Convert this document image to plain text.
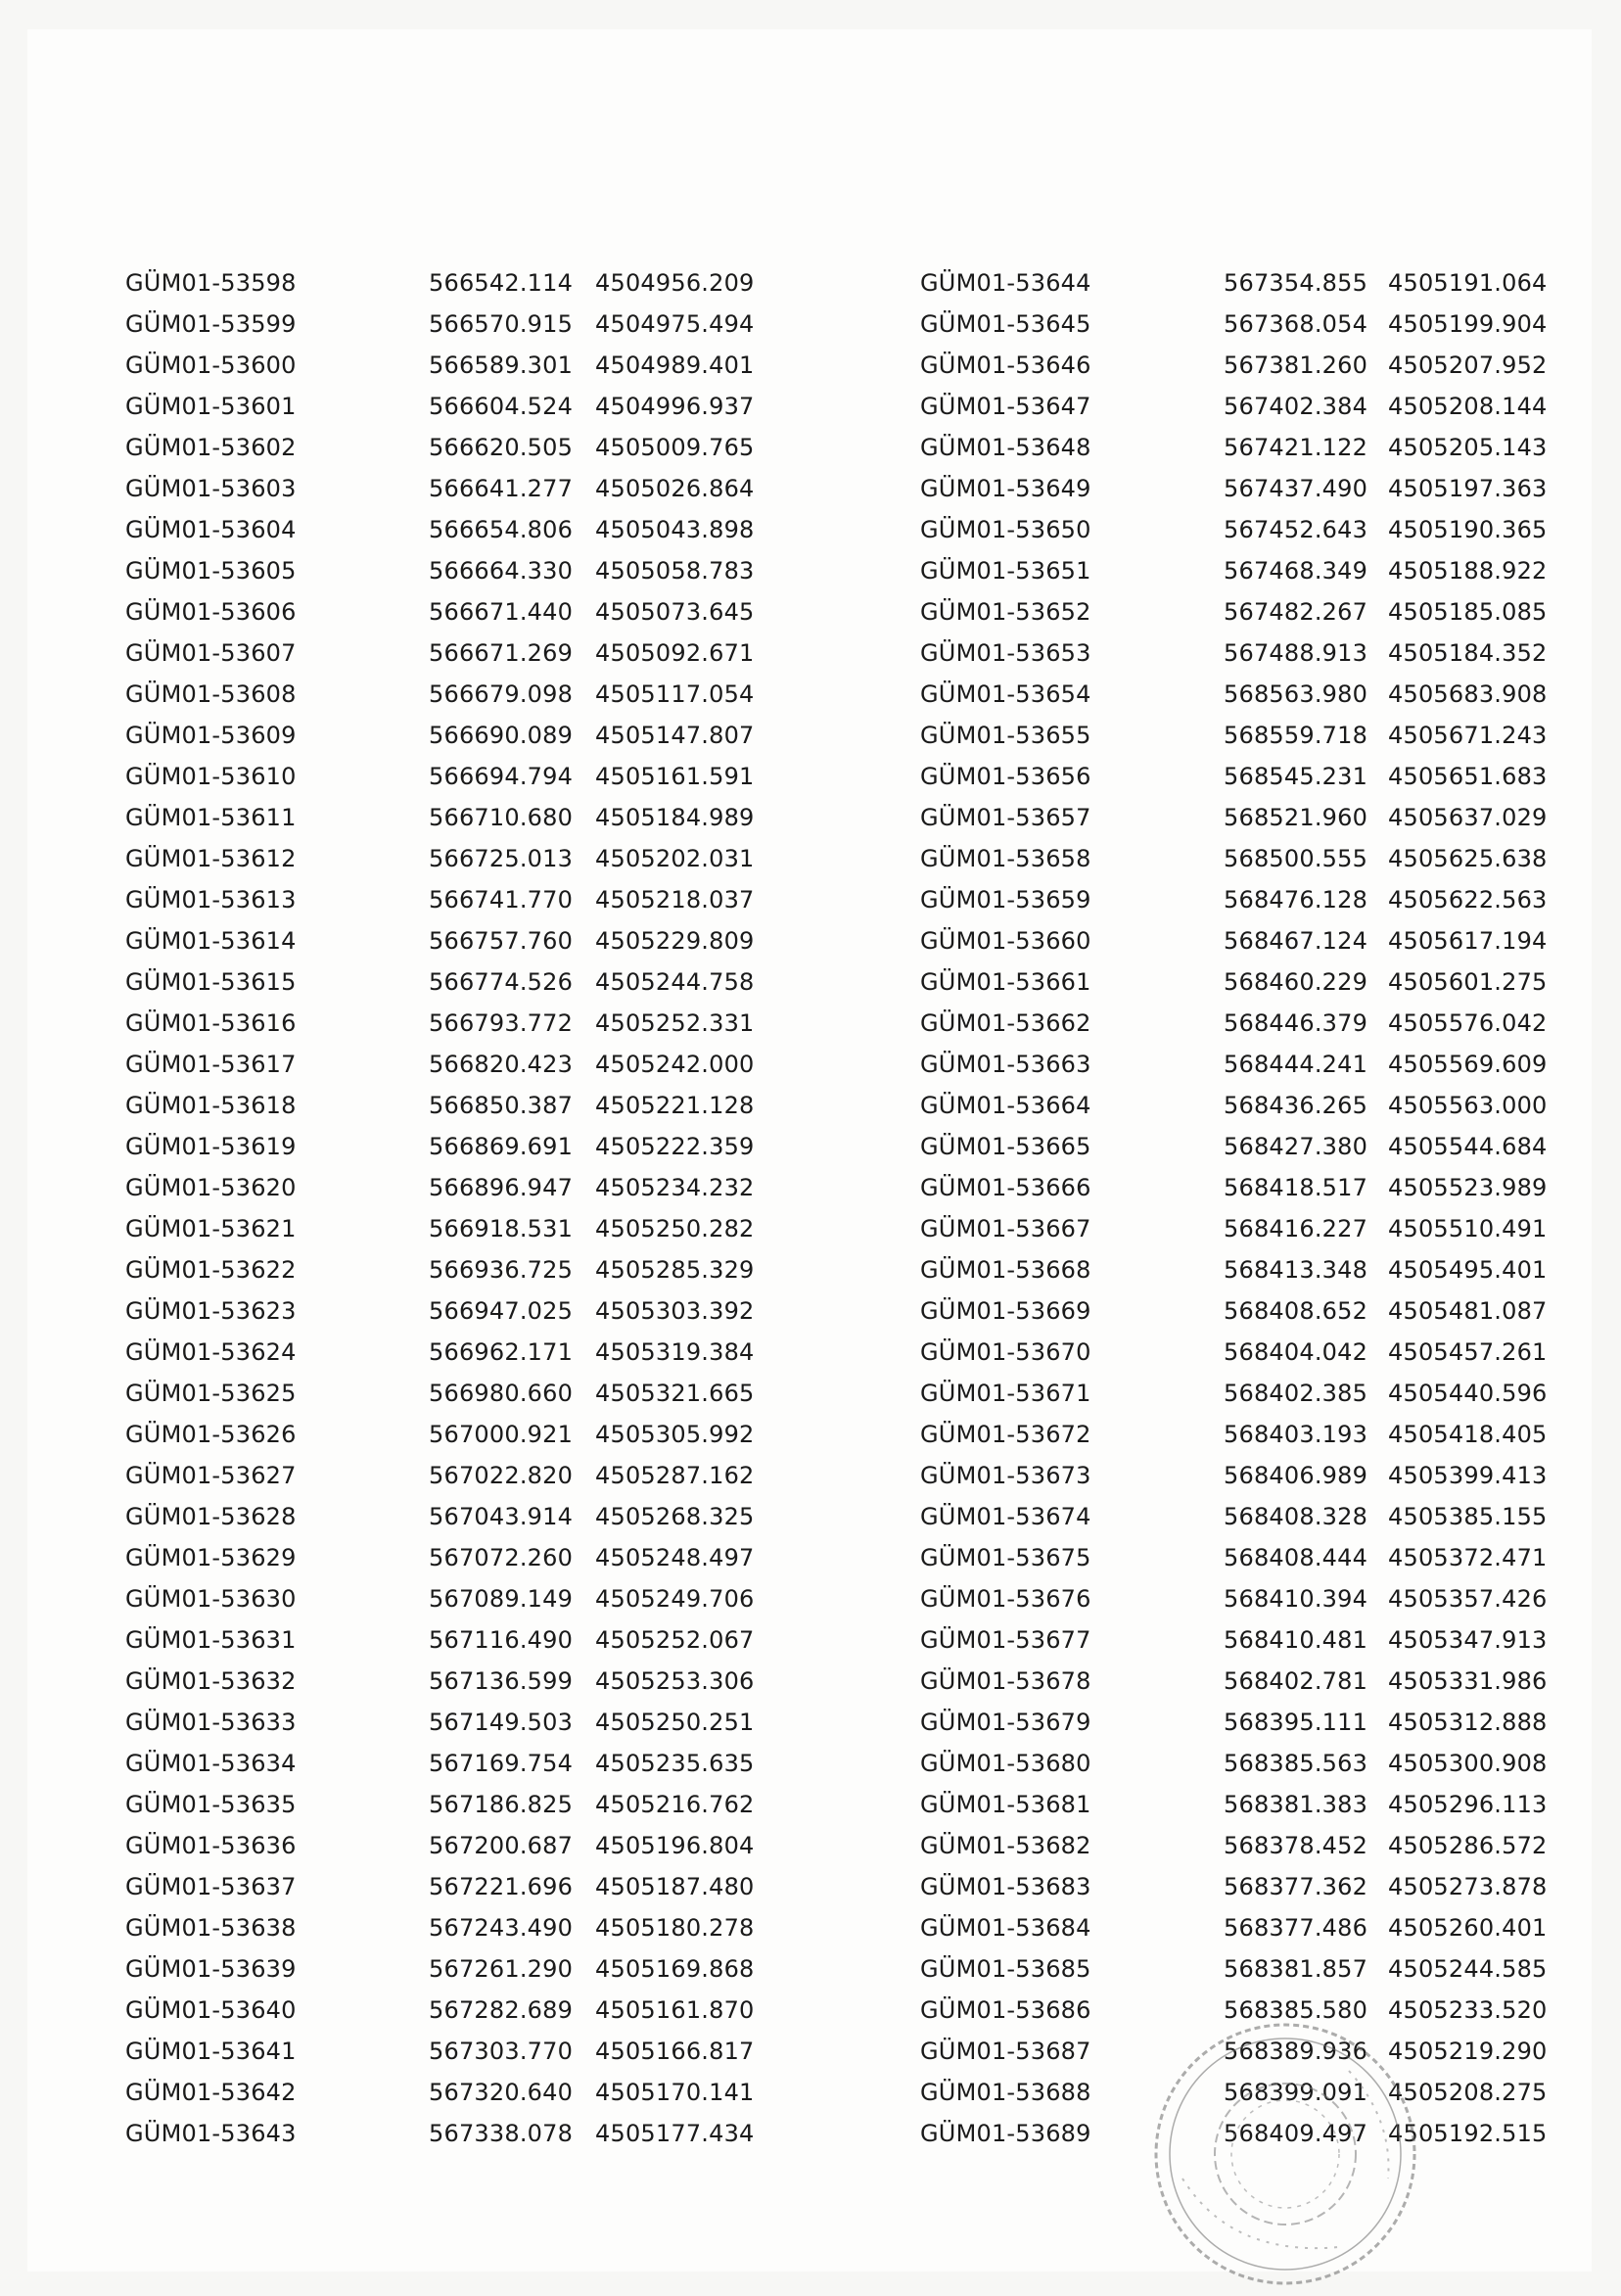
GÜM01-53598	566542.114 4504956.209
GÜM01-53599	566570.915 4504975.494
GÜM01-53600	566589.301 4504989.401
GÜM01-53601	566604.524 4504996.937
GÜM01-53602	566620.505 4505009.765
GÜM01-53603	566641.277 4505026.864
GÜM01-53604	566654.806 4505043.898
GÜM01-53605	566664.330 4505058.783
GÜM01-53606	566671.440 4505073.645
GÜM01-53607	566671.269 4505092.671
GÜM01-53608	566679.098 4505117.054
GÜM01-53609	566690.089 4505147.807
GÜM01-53610	566694.794 4505161.591
GÜM01-53611	566710.680 4505184.989
GÜM01-53612	566725.013 4505202.031
GÜM01-53613	566741.770 4505218.037
GÜM01-53614	566757.760 4505229.809
GÜM01-53615	566774.526 4505244.758
GÜM01-53616	566793.772 4505252.331
GÜM01-53617	566820.423 4505242.000
GÜM01-53618	566850.387 4505221.128
GÜM01-53619	566869.691 4505222.359
GÜM01-53620	566896.947 4505234.232
GÜM01-53621	566918.531 4505250.282
GÜM01-53622	566936.725 4505285.329
GÜM01-53623	566947.025 4505303.392
GÜM01-53624	566962.171 4505319.384
GÜM01-53625	566980.660 4505321.665
GÜM01-53626	567000.921 4505305.992
GÜM01-53627	567022.820 4505287.162
GÜM01-53628	567043.914 4505268.325
GÜM01-53629	567072.260 4505248.497
GÜM01-53630	567089.149 4505249.706
GÜM01-53631	567116.490 4505252.067
GÜM01-53632	567136.599 4505253.306
GÜM01-53633	567149.503 4505250.251
GÜM01-53634	567169.754 4505235.635
GÜM01-53635	567186.825 4505216.762
GÜM01-53636	567200.687 4505196.804
GÜM01-53637	567221.696 4505187.480
GÜM01-53638	567243.490 4505180.278
GÜM01-53639	567261.290 4505169.868
GÜM01-53640	567282.689 4505161.870
GÜM01-53641	567303.770 4505166.817
GÜM01-53642	567320.640 4505170.141
GÜM01-53643	567338.078 4505177.434
GÜM01-53644	567354.855 4505191.064
GÜM01-53645	567368.054 4505199.904
GÜM01-53646	567381.260 4505207.952
GÜM01-53647	567402.384 4505208.144
GÜM01-53648	567421.122 4505205.143
GÜM01-53649	567437.490 4505197.363
GÜM01-53650	567452.643 4505190.365
GÜM01-53651	567468.349 4505188.922
GÜM01-53652	567482.267 4505185.085
GÜM01-53653	567488.913 4505184.352
GÜM01-53654	568563.980 4505683.908
GÜM01-53655	568559.718 4505671.243
GÜM01-53656	568545.231 4505651.683
GÜM01-53657	568521.960 4505637.029
GÜM01-53658	568500.555 4505625.638
GÜM01-53659	568476.128 4505622.563
GÜM01-53660	568467.124 4505617.194
GÜM01-53661	568460.229 4505601.275
GÜM01-53662	568446.379 4505576.042
GÜM01-53663	568444.241 4505569.609
GÜM01-53664	568436.265 4505563.000
GÜM01-53665	568427.380 4505544.684
GÜM01-53666	568418.517 4505523.989
GÜM01-53667	568416.227 4505510.491
GÜM01-53668	568413.348 4505495.401
GÜM01-53669	568408.652 4505481.087
GÜM01-53670	568404.042 4505457.261
GÜM01-53671	568402.385 4505440.596
GÜM01-53672	568403.193 4505418.405
GÜM01-53673	568406.989 4505399.413
GÜM01-53674	568408.328 4505385.155
GÜM01-53675	568408.444 4505372.471
GÜM01-53676	568410.394 4505357.426
GÜM01-53677	568410.481 4505347.913
GÜM01-53678	568402.781 4505331.986
GÜM01-53679	568395.111 4505312.888
GÜM01-53680	568385.563 4505300.908
GÜM01-53681	568381.383 4505296.113
GÜM01-53682	568378.452 4505286.572
GÜM01-53683	568377.362 4505273.878
GÜM01-53684	568377.486 4505260.401
GÜM01-53685	568381.857 4505244.585
GÜM01-53686	568385.580 4505233.520
GÜM01-53687	568389.936 4505219.290
GÜM01-53688	568399.091 4505208.275
GÜM01-53689	568409.497 4505192.515
